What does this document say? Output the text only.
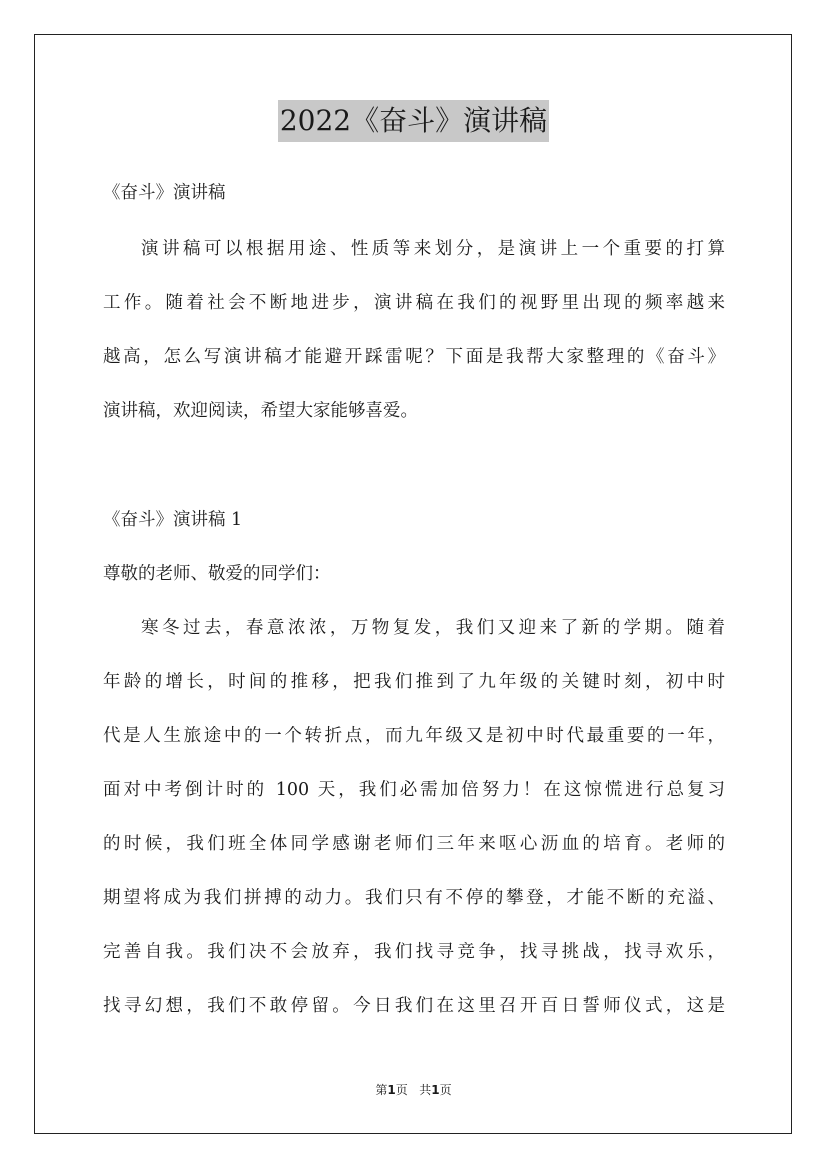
2022《奋斗》演讲稿
《奋斗》演讲稿
演讲稿可以根据用途、性质等来划分，是演讲上一个重要的打算
工作。随着社会不断地进步，演讲稿在我们的视野里出现的频率越来
越高，怎么写演讲稿才能避开踩雷呢？下面是我帮大家整理的《奋斗》
演讲稿，欢迎阅读，希望大家能够喜爱。
《奋斗》演讲稿 1
尊敬的老师、敬爱的同学们：
寒冬过去，春意浓浓，万物复发，我们又迎来了新的学期。随着
年龄的增长，时间的推移，把我们推到了九年级的关键时刻，初中时
代是人生旅途中的一个转折点，而九年级又是初中时代最重要的一年，
面对中考倒计时的 100 天，我们必需加倍努力！在这惊慌进行总复习
的时候，我们班全体同学感谢老师们三年来呕心沥血的培育。老师的
期望将成为我们拼搏的动力。我们只有不停的攀登，才能不断的充溢、
完善自我。我们决不会放弃，我们找寻竞争，找寻挑战，找寻欢乐，
找寻幻想，我们不敢停留。今日我们在这里召开百日誓师仪式，这是
第1页 共1页
